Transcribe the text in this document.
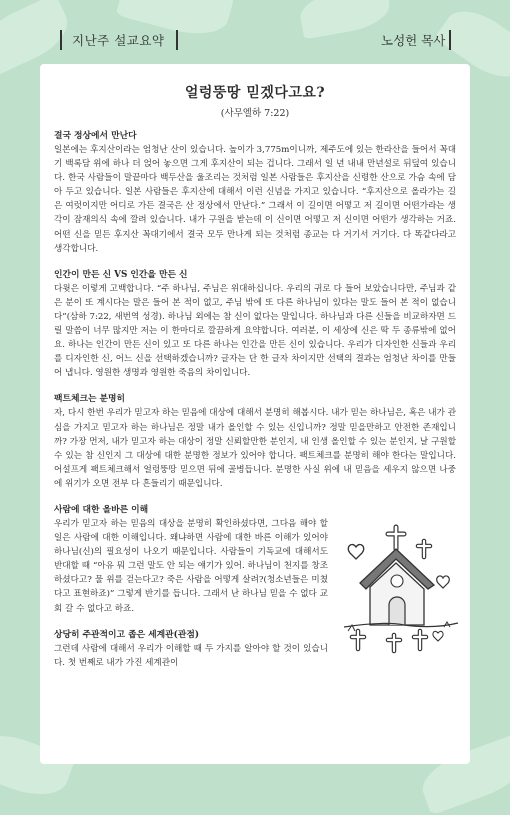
지난주 설교요약	노성헌 목사
얼렁뚱땅 믿겠다고요?
(사무엘하 7:22)
결국 정상에서 만난다

일본에는 후지산이라는 엄청난 산이 있습니다. 높이가 3,775m이니까, 제주도에 있는 한라산을 들어서 꼭대기 백록담 위에 하나 더 얹어 놓으면 그게 후지산이 되는 겁니다. 그래서 일 년 내내 만년설로 뒤덮여 있습니다. 한국 사람들이 말끝마다 백두산을 울조리는 것처럼 일본 사람들은 후지산을 신령한 산으로 가슴 속에 담아 두고 있습니다. 일본 사람들은 후지산에 대해서 이런 신념을 가지고 있습니다. “후지산으로 올라가는 길은 여럿이지만 어디로 가든 결국은 산 정상에서 만난다.” 그래서 이 길이면 어떻고 저 길이면 어떤가라는 생각이 잠재의식 속에 깔려 있습니다. 내가 구원을 받는데 이 신이면 어떻고 저 신이면 어떤가 생각하는 거죠. 어떤 신을 믿든 후지산 꼭대기에서 결국 모두 만나게 되는 것처럼 종교는 다 거기서 거기다. 다 똑같다라고 생각합니다.

인간이 만든 신 VS 인간을 만든 신

다윗은 이렇게 고백합니다. “주 하나님, 주님은 위대하십니다. 우리의 귀로 다 들어 보았습니다만, 주님과 같은 분이 또 계시다는 말은 들어 본 적이 없고, 주님 밖에 또 다른 하나님이 있다는 말도 들어 본 적이 없습니다”(삼하 7:22, 새번역 성경). 하나님 외에는 참 신이 없다는 말입니다. 하나님과 다른 신들을 비교하자면 드릴 말씀이 너무 많지만 저는 이 한마디로 깔끔하게 요약합니다. 여러분, 이 세상에 신은 딱 두 종류밖에 없어요. 하나는 인간이 만든 신이 있고 또 다른 하나는 인간을 만든 신이 있습니다. 우리가 디자인한 신들과 우리를 디자인한 신, 어느 신을 선택하겠습니까? 글자는 단 한 글자 차이지만 선택의 결과는 엄청난 차이를 만들어 냅니다. 영원한 생명과 영원한 죽음의 차이입니다.

팩트체크는 분명히

자, 다시 한번 우리가 믿고자 하는 믿음에 대상에 대해서 분명히 해봅시다. 내가 믿는 하나님은, 혹은 내가 관심을 가지고 믿고자 하는 하나님은 정말 내가 올인할 수 있는 신입니까? 정말 믿을만하고 안전한 존재입니까? 가장 먼저, 내가 믿고자 하는 대상이 정말 신뢰할만한 분인지, 내 인생 올인할 수 있는 분인지, 날 구원할 수 있는 참 신인지 그 대상에 대한 분명한 정보가 있어야 합니다. 팩트체크를 분명히 해야 한다는 말입니다. 어설프게 팩트체크해서 얼렁뚱땅 믿으면 뒤에 골병듭니다. 분명한 사실 위에 내 믿음을 세우지 않으면 나중에 위기가 오면 전부 다 흔들리기 때문입니다.

사람에 대한 올바른 이해

우리가 믿고자 하는 믿음의 대상을 분명히 확인하셨다면, 그다음 해야 할 일은 사람에 대한 이해입니다. 왜냐하면 사람에 대한 바른 이해가 있어야 하나님(신)의 필요성이 나오기 때문입니다. 사람들이 기독교에 대해서도 반대할 때 “아유 뭐 그런 말도 안 되는 얘기가 있어. 하나님이 천지를 창조하셨다고? 물 위를 걷는다고? 죽은 사람을 어떻게 살려?(청소년들은 미쳤다고 표현하죠)” 그렇게 반기를 듭니다. 그래서 난 하나님 믿을 수 없다 교회 갈 수 없다고 하죠.

상당히 주관적이고 좁은 세계관(관점)

그런데 사람에 대해서 우리가 이해할 때 두 가지를 알아야 할 것이 있습니다. 첫 번째로 내가 가진 세계관이
